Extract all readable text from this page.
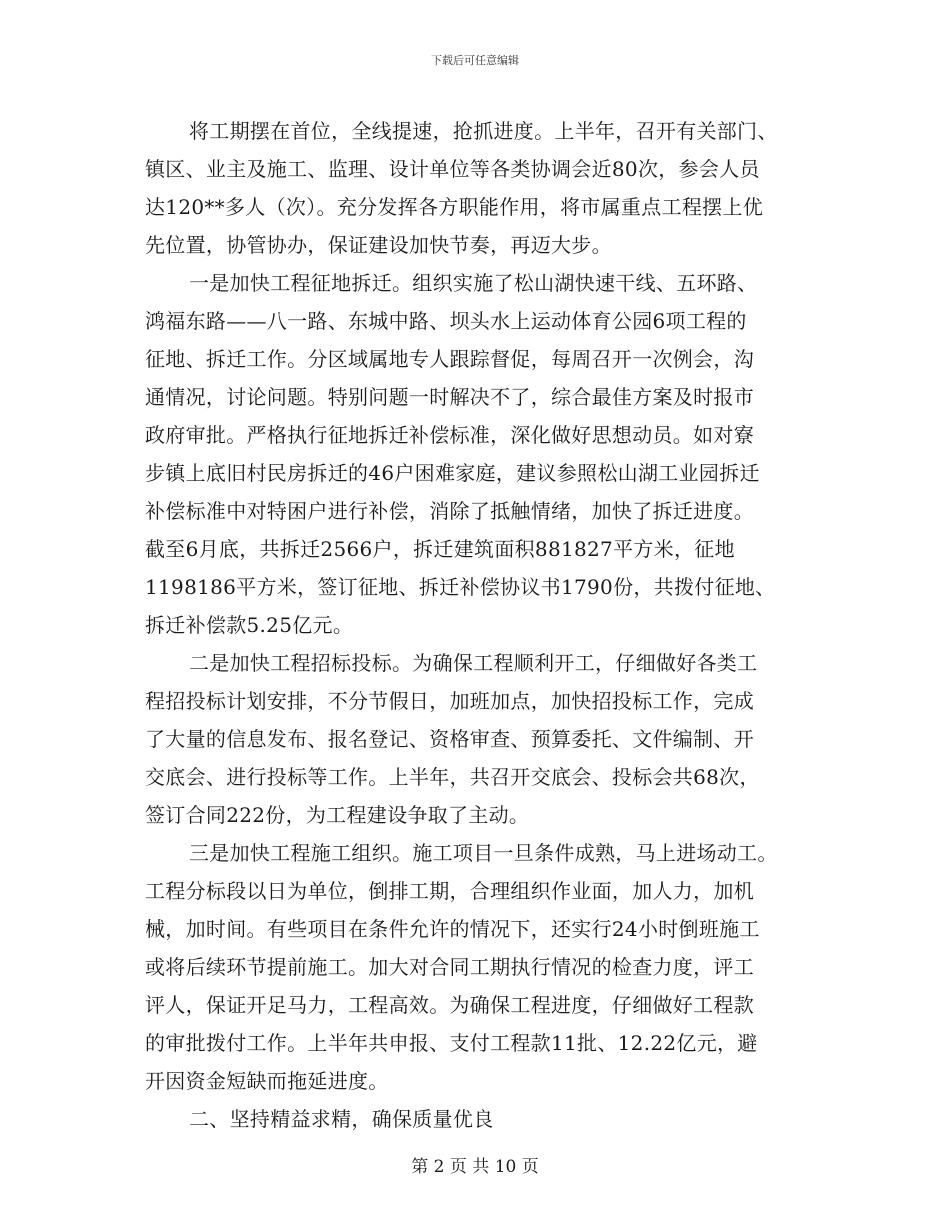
下载后可任意编辑
将工期摆在首位，全线提速，抢抓进度。上半年，召开有关部门、
镇区、业主及施工、监理、设计单位等各类协调会近80次，参会人员
达120**多人（次）。充分发挥各方职能作用，将市属重点工程摆上优
先位置，协管协办，保证建设加快节奏，再迈大步。
一是加快工程征地拆迁。组织实施了松山湖快速干线、五环路、
鸿福东路——八一路、东城中路、坝头水上运动体育公园6项工程的
征地、拆迁工作。分区域属地专人跟踪督促，每周召开一次例会，沟
通情况，讨论问题。特别问题一时解决不了，综合最佳方案及时报市
政府审批。严格执行征地拆迁补偿标准，深化做好思想动员。如对寮
步镇上底旧村民房拆迁的46户困难家庭，建议参照松山湖工业园拆迁
补偿标准中对特困户进行补偿，消除了抵触情绪，加快了拆迁进度。
截至6月底，共拆迁2566户，拆迁建筑面积881827平方米，征地
1198186平方米，签订征地、拆迁补偿协议书1790份，共拨付征地、
拆迁补偿款5.25亿元。
二是加快工程招标投标。为确保工程顺利开工，仔细做好各类工
程招投标计划安排，不分节假日，加班加点，加快招投标工作，完成
了大量的信息发布、报名登记、资格审查、预算委托、文件编制、开
交底会、进行投标等工作。上半年，共召开交底会、投标会共68次，
签订合同222份，为工程建设争取了主动。
三是加快工程施工组织。施工项目一旦条件成熟，马上进场动工。
工程分标段以日为单位，倒排工期，合理组织作业面，加人力，加机
械，加时间。有些项目在条件允许的情况下，还实行24小时倒班施工
或将后续环节提前施工。加大对合同工期执行情况的检查力度，评工
评人，保证开足马力，工程高效。为确保工程进度，仔细做好工程款
的审批拨付工作。上半年共申报、支付工程款11批、12.22亿元，避
开因资金短缺而拖延进度。
二、坚持精益求精，确保质量优良
第 2 页 共 10 页
